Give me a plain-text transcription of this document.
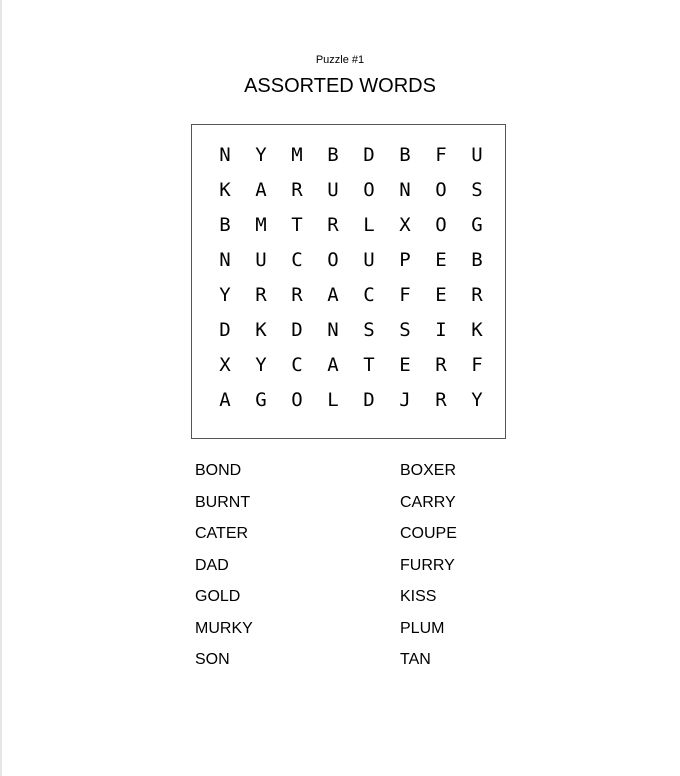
Puzzle #1
ASSORTED WORDS
N	Y	M	B	D	B	F	U
K	A	R	U	O	N	O	S
B	M	T	R	L	X	O	G
N	U	C	O	U	P	E	B
Y	R	R	A	C	F	E	R
D	K	D	N	S	S	I	K
X	Y	C	A	T	E	R	F
A	G	O	L	D	J	R	Y
BOND
BURNT
CATER
DAD
GOLD
MURKY
SON
BOXER
CARRY
COUPE
FURRY
KISS
PLUM
TAN
